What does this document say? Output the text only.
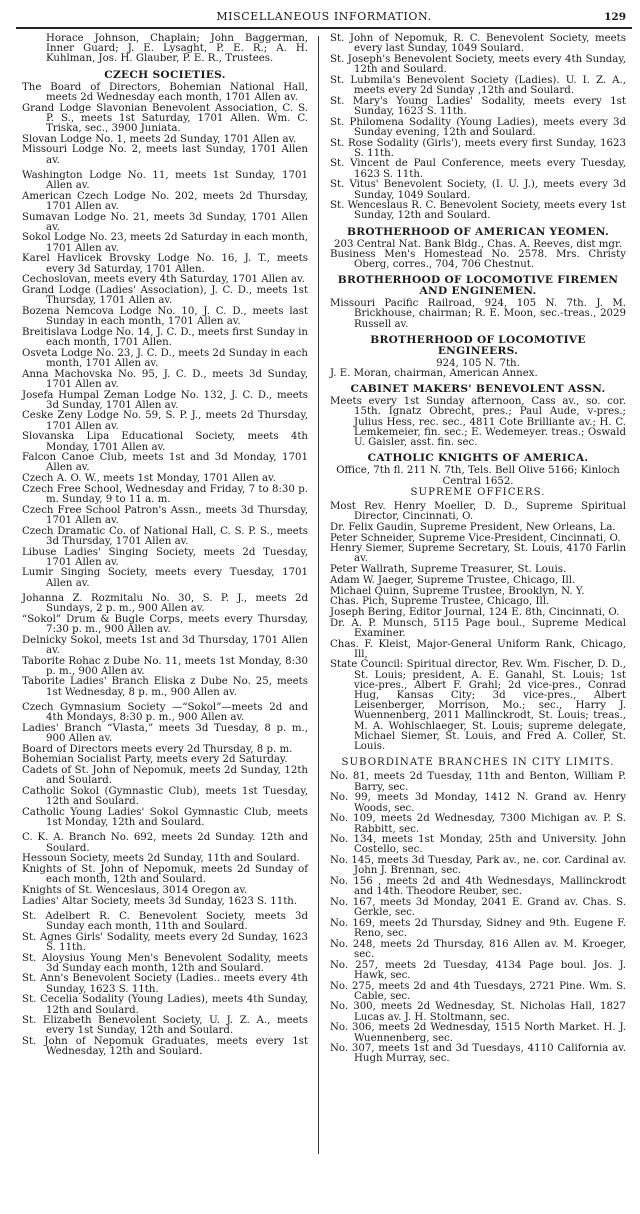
MISCELLANEOUS INFORMATION.	129

Horace Johnson, Chaplain; John Baggerman, Inner Guard; J. E. Lysaght, P. E. R.; A. H. Kuhlman, Jos. H. Glauber, P. E. R., Trustees.

CZECH SOCIETIES.

The Board of Directors, Bohemian National Hall, meets 2d Wednesday each month, 1701 Allen av.

Grand Lodge Slavonian Benevolent Association, C. S. P. S., meets 1st Saturday, 1701 Allen. Wm. C. Triska, sec., 3900 Juniata.

Slovan Lodge No. 1, meets 2d Sunday, 1701 Allen av.

Missouri Lodge No. 2, meets last Sunday, 1701 Allen av.

Washington Lodge No. 11, meets 1st Sunday, 1701 Allen av.

American Czech Lodge No. 202, meets 2d Thursday, 1701 Allen av.

Sumavan Lodge No. 21, meets 3d Sunday, 1701 Allen av.

Sokol Lodge No. 23, meets 2d Saturday in each month, 1701 Allen av.

Karel Havlicek Brovsky Lodge No. 16, J. T., meets every 3d Saturday, 1701 Allen.

Cechoslovan, meets every 4th Saturday, 1701 Allen av.

Grand Lodge (Ladies' Association), J. C. D., meets 1st Thursday, 1701 Allen av.

Bozena Nemcova Lodge No. 10, J. C. D., meets last Sunday in each month, 1701 Allen av.

Breitislava Lodge No. 14, J. C. D., meets first Sunday in each month, 1701 Allen.

Osveta Lodge No. 23, J. C. D., meets 2d Sunday in each month, 1701 Allen av.

Anna Machovska No. 95, J. C. D., meets 3d Sunday, 1701 Allen av.

Josefa Humpal Zeman Lodge No. 132, J. C. D., meets 3d Sunday, 1701 Allen av.

Ceske Zeny Lodge No. 59, S. P. J., meets 2d Thursday, 1701 Allen av.

Slovanska Lipa Educational Society, meets 4th Monday, 1701 Allen av.

Falcon Canoe Club, meets 1st and 3d Monday, 1701 Allen av.

Czech A. O. W., meets 1st Monday, 1701 Allen av.

Czech Free School, Wednesday and Friday, 7 to 8:30 p. m. Sunday, 9 to 11 a. m.

Czech Free School Patron's Assn., meets 3d Thursday, 1701 Allen av.

Czech Dramatic Co. of National Hall, C. S. P. S., meets 3d Thursday, 1701 Allen av.

Libuse Ladies' Singing Society, meets 2d Tuesday, 1701 Allen av.

Lumir Singing Society, meets every Tuesday, 1701 Allen av.

Johanna Z. Rozmitalu No. 30, S. P. J., meets 2d Sundays, 2 p. m., 900 Allen av.

“Sokol” Drum & Bugle Corps, meets every Thursday, 7:30 p. m., 900 Allen av.

Delnicky Sokol, meets 1st and 3d Thursday, 1701 Allen av.

Taborite Rohac z Dube No. 11, meets 1st Monday, 8:30 p. m., 900 Allen av.

Taborite Ladies' Branch Eliska z Dube No. 25, meets 1st Wednesday, 8 p. m., 900 Allen av.

Czech Gymnasium Society —“Sokol”—meets 2d and 4th Mondays, 8:30 p. m., 900 Allen av.

Ladies' Branch “Vlasta,” meets 3d Tuesday, 8 p. m., 900 Allen av.

Board of Directors meets every 2d Thursday, 8 p. m.

Bohemian Socialist Party, meets every 2d Saturday.

Cadets of St. John of Nepomuk, meets 2d Sunday, 12th and Soulard.

Catholic Sokol (Gymnastic Club), meets 1st Tuesday, 12th and Soulard.

Catholic Young Ladies' Sokol Gymnastic Club, meets 1st Monday, 12th and Soulard.

C. K. A. Branch No. 692, meets 2d Sunday. 12th and Soulard.

Hessoun Society, meets 2d Sunday, 11th and Soulard.

Knights of St. John of Nepomuk, meets 2d Sunday of each month, 12th and Soulard.

Knights of St. Wenceslaus, 3014 Oregon av.

Ladies' Altar Society, meets 3d Sunday, 1623 S. 11th.

St. Adelbert R. C. Benevolent Society, meets 3d Sunday each month, 11th and Soulard.

St. Agnes Girls' Sodality, meets every 2d Sunday, 1623 S. 11th.

St. Aloysius Young Men's Benevolent Sodality, meets 3d Sunday each month, 12th and Soulard.

St. Ann's Benevolent Society (Ladies.. meets every 4th Sunday, 1623 S. 11th.

St. Cecelia Sodality (Young Ladies), meets 4th Sunday, 12th and Soulard.

St. Elizabeth Benevolent Society, U. J. Z. A., meets every 1st Sunday, 12th and Soulard.

St. John of Nepomuk Graduates, meets every 1st Wednesday, 12th and Soulard.

St. John of Nepomuk, R. C. Benevolent Society, meets every last Sunday, 1049 Soulard.

St. Joseph's Benevolent Society, meets every 4th Sunday, 12th and Soulard.

St. Lubmila's Benevolent Society (Ladies). U. I. Z. A., meets every 2d Sunday ,12th and Soulard.

St. Mary's Young Ladies' Sodality, meets every 1st Sunday, 1623 S. 11th.

St. Philomena Sodality (Young Ladies), meets every 3d Sunday evening, 12th and Soulard.

St. Rose Sodality (Girls'), meets every first Sunday, 1623 S. 11th.

St. Vincent de Paul Conference, meets every Tuesday, 1623 S. 11th.

St. Vitus' Benevolent Society, (I. U. J.), meets every 3d Sunday, 1049 Soulard.

St. Wenceslaus R. C. Benevolent Society, meets every 1st Sunday, 12th and Soulard.

BROTHERHOOD OF AMERICAN YEOMEN.

203 Central Nat. Bank Bldg., Chas. A. Reeves, dist mgr.

Business Men's Homestead No. 2578. Mrs. Christy Oberg, corres., 704, 706 Chestnut.

BROTHERHOOD OF LOCOMOTIVE FIREMEN AND ENGINEMEN.

Missouri Pacific Railroad, 924, 105 N. 7th. J. M. Brickhouse, chairman; R. E. Moon, sec.-treas., 2029 Russell av.

BROTHERHOOD OF LOCOMOTIVE ENGINEERS.

924, 105 N. 7th.

J. E. Moran, chairman, American Annex.

CABINET MAKERS' BENEVOLENT ASSN.

Meets every 1st Sunday afternoon, Cass av., so. cor. 15th. Ignatz Obrecht, pres.; Paul Aude, v-pres.; Julius Hess, rec. sec., 4811 Cote Brilliante av.; H. C. Lemkemeier, fin. sec.; E. Wedemeyer. treas.; Oswald U. Gaisler, asst. fin. sec.

CATHOLIC KNIGHTS OF AMERICA.

Office, 7th fl. 211 N. 7th, Tels. Bell Olive 5166; Kinloch Central 1652.

SUPREME OFFICERS.

Most Rev. Henry Moeller, D. D., Supreme Spiritual Director, Cincinnati, O.

Dr. Felix Gaudin, Supreme President, New Orleans, La.

Peter Schneider, Supreme Vice-President, Cincinnati, O.

Henry Siemer, Supreme Secretary, St. Louis, 4170 Farlin av.

Peter Wallrath, Supreme Treasurer, St. Louis.

Adam W. Jaeger, Supreme Trustee, Chicago, Ill.

Michael Quinn, Supreme Trustee, Brooklyn, N. Y.

Chas. Pich, Supreme Trustee, Chicago, Ill.

Joseph Bering, Editor Journal, 124 E. 8th, Cincinnati, O.

Dr. A. P. Munsch, 5115 Page boul., Supreme Medical Examiner.

Chas. F. Kleist, Major-General Uniform Rank, Chicago, Ill,

State Council: Spiritual director, Rev. Wm. Fischer, D. D., St. Louis; president, A. E. Ganahl, St. Louis; 1st vice-pres., Albert F. Grahl; 2d vice-pres., Conrad Hug, Kansas City; 3d vice-pres., Albert Leisenberger, Morrison, Mo.; sec., Harry J. Wuennenberg, 2011 Mallinckrodt, St. Louis; treas., M. A. Wohlschlaeger, St. Louis; supreme delegate, Michael Siemer, St. Louis, and Fred A. Coller, St. Louis.

SUBORDINATE BRANCHES IN CITY LIMITS.

No. 81, meets 2d Tuesday, 11th and Benton, William P. Barry, sec.

No. 99, meets 3d Monday, 1412 N. Grand av. Henry Woods, sec.

No. 109, meets 2d Wednesday, 7300 Michigan av. P. S. Rabbitt, sec.

No. 134, meets 1st Monday, 25th and University. John Costello, sec.

No. 145, meets 3d Tuesday, Park av., ne. cor. Cardinal av. John J. Brennan, sec.

No. 156 , meets 2d and 4th Wednesdays, Mallinckrodt and 14th. Theodore Reuber, sec.

No. 167, meets 3d Monday, 2041 E. Grand av. Chas. S. Gerkle, sec.

No. 169, meets 2d Thursday, Sidney and 9th. Eugene F. Reno, sec.

No. 248, meets 2d Thursday, 816 Allen av. M. Kroeger, sec.

No. 257, meets 2d Tuesday, 4134 Page boul. Jos. J. Hawk, sec.

No. 275, meets 2d and 4th Tuesdays, 2721 Pine. Wm. S. Cable, sec.

No. 300, meets 2d Wednesday, St. Nicholas Hall, 1827 Lucas av. J. H. Stoltmann, sec.

No. 306, meets 2d Wednesday, 1515 North Market. H. J. Wuennenberg, sec.

No. 307, meets 1st and 3d Tuesdays, 4110 California av. Hugh Murray, sec.
